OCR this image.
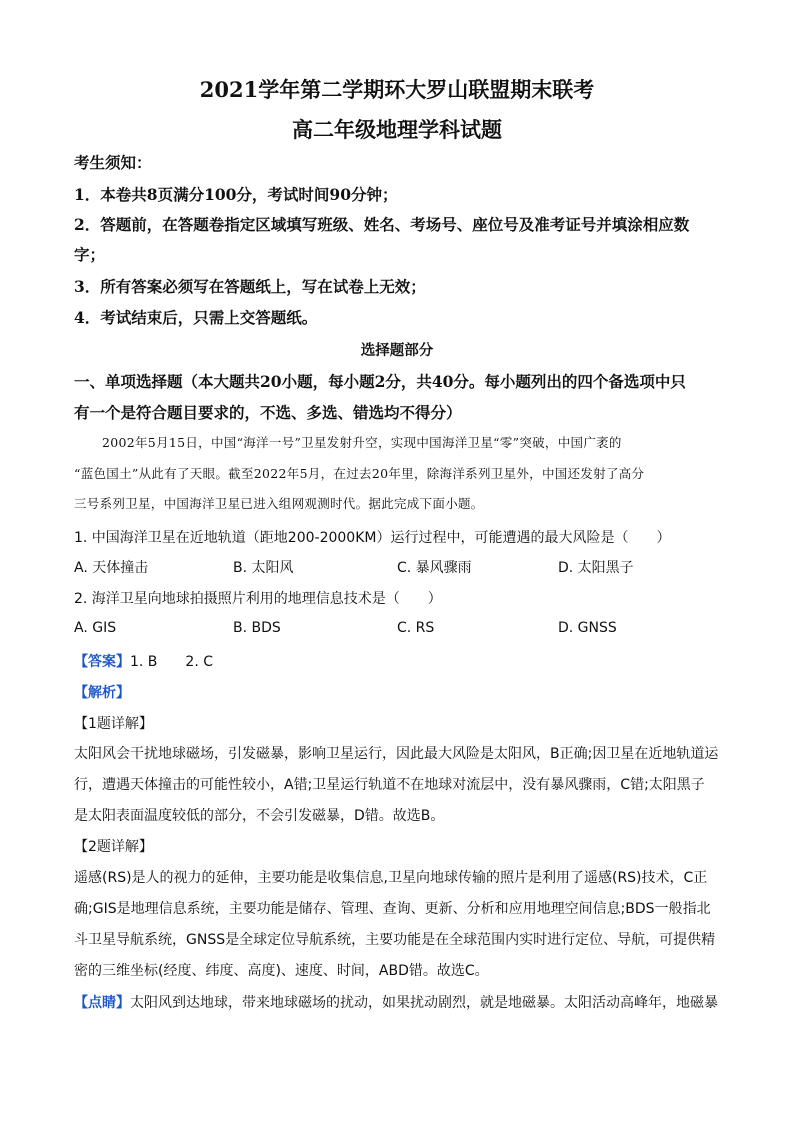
2021学年第二学期环大罗山联盟期末联考
高二年级地理学科试题
考生须知：
1．本卷共8页满分100分，考试时间90分钟；
2．答题前，在答题卷指定区域填写班级、姓名、考场号、座位号及准考证号并填涂相应数
字；
3．所有答案必须写在答题纸上，写在试卷上无效；
4．考试结束后，只需上交答题纸。
选择题部分
一、单项选择题（本大题共20小题，每小题2分，共40分。每小题列出的四个备选项中只
有一个是符合题目要求的，不选、多选、错选均不得分）
2002年5月15日，中国“海洋一号”卫星发射升空，实现中国海洋卫星“零”突破，中国广袤的
“蓝色国土”从此有了天眼。截至2022年5月，在过去20年里，除海洋系列卫星外，中国还发射了高分
三号系列卫星，中国海洋卫星已进入组网观测时代。据此完成下面小题。
1. 中国海洋卫星在近地轨道（距地200-2000KM）运行过程中，可能遭遇的最大风险是（　　）
A. 天体撞击	B. 太阳风	C. 暴风骤雨	D. 太阳黑子
2. 海洋卫星向地球拍摄照片利用的地理信息技术是（　　）
A. GIS	B. BDS	C. RS	D. GNSS
【答案】1. B　　2. C
【解析】
【1题详解】
太阳风会干扰地球磁场，引发磁暴，影响卫星运行，因此最大风险是太阳风，B正确;因卫星在近地轨道运
行，遭遇天体撞击的可能性较小，A错;卫星运行轨道不在地球对流层中，没有暴风骤雨，C错;太阳黑子
是太阳表面温度较低的部分，不会引发磁暴，D错。故选B。
【2题详解】
遥感(RS)是人的视力的延伸，主要功能是收集信息,卫星向地球传输的照片是利用了遥感(RS)技术，C正
确;GIS是地理信息系统，主要功能是储存、管理、查询、更新、分析和应用地理空间信息;BDS一般指北
斗卫星导航系统，GNSS是全球定位导航系统，主要功能是在全球范围内实时进行定位、导航，可提供精
密的三维坐标(经度、纬度、高度)、速度、时间，ABD错。故选C。
【点睛】太阳风到达地球，带来地球磁场的扰动，如果扰动剧烈，就是地磁暴。太阳活动高峰年，地磁暴
